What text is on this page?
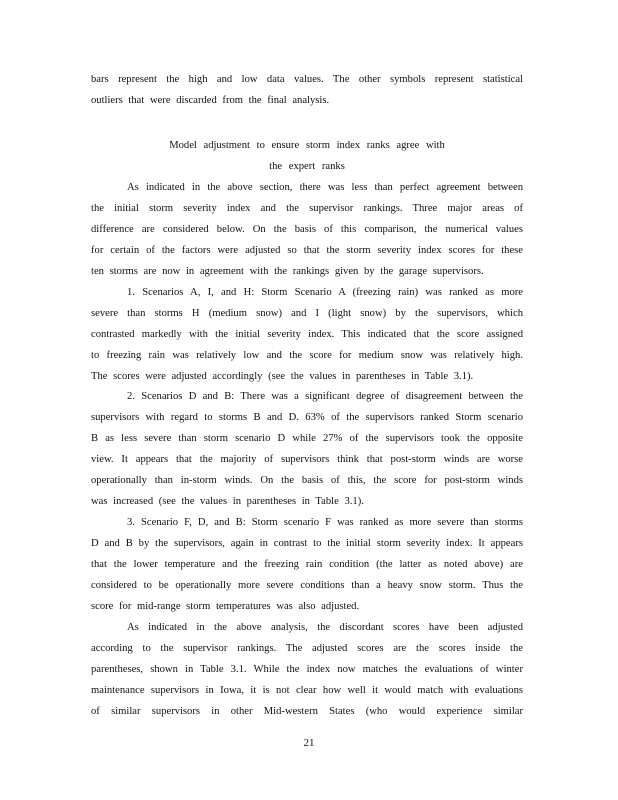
bars represent the high and low data values. The other symbols represent statistical
outliers that were discarded from the final analysis.
Model adjustment to ensure storm index ranks agree with
the expert ranks
As indicated in the above section, there was less than perfect agreement between
the initial storm severity index and the supervisor rankings. Three major areas of
difference are considered below. On the basis of this comparison, the numerical values
for certain of the factors were adjusted so that the storm severity index scores for these
ten storms are now in agreement with the rankings given by the garage supervisors.
1. Scenarios A, I, and H: Storm Scenario A (freezing rain) was ranked as more
severe than storms H (medium snow) and I (light snow) by the supervisors, which
contrasted markedly with the initial severity index. This indicated that the score assigned
to freezing rain was relatively low and the score for medium snow was relatively high.
The scores were adjusted accordingly (see the values in parentheses in Table 3.1).
2. Scenarios D and B: There was a significant degree of disagreement between the
supervisors with regard to storms B and D. 63% of the supervisors ranked Storm scenario
B as less severe than storm scenario D while 27% of the supervisors took the opposite
view. It appears that the majority of supervisors think that post-storm winds are worse
operationally than in-storm winds. On the basis of this, the score for post-storm winds
was increased (see the values in parentheses in Table 3.1).
3. Scenario F, D, and B: Storm scenario F was ranked as more severe than storms
D and B by the supervisors, again in contrast to the initial storm severity index. It appears
that the lower temperature and the freezing rain condition (the latter as noted above) are
considered to be operationally more severe conditions than a heavy snow storm. Thus the
score for mid-range storm temperatures was also adjusted.
As indicated in the above analysis, the discordant scores have been adjusted
according to the supervisor rankings. The adjusted scores are the scores inside the
parentheses, shown in Table 3.1. While the index now matches the evaluations of winter
maintenance supervisors in Iowa, it is not clear how well it would match with evaluations
of similar supervisors in other Mid-western States (who would experience similar
21
